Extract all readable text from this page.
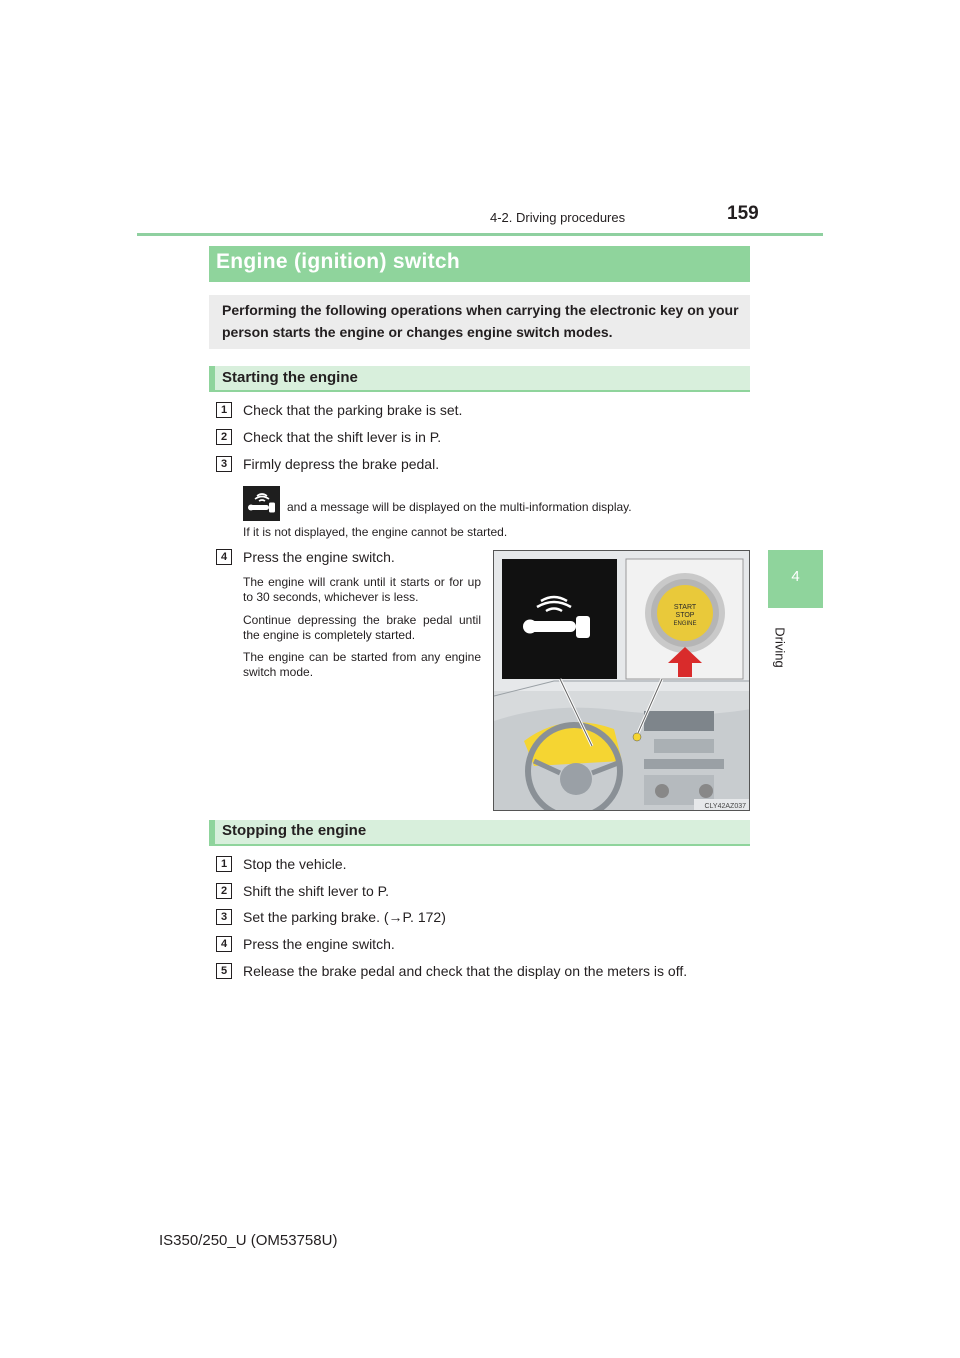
4-2. Driving procedures	159
4
Driving
Engine (ignition) switch
Performing the following operations when carrying the electronic key on your person starts the engine or changes engine switch modes.
Starting the engine
1	Check that the parking brake is set.
2	Check that the shift lever is in P.
3	Firmly depress the brake pedal.
and a message will be displayed on the multi-information display.
If it is not displayed, the engine cannot be started.
4	Press the engine switch.
The engine will crank until it starts or for up to 30 seconds, whichever is less.
Continue depressing the brake pedal until the engine is completely started.
The engine can be started from any engine switch mode.
START
STOP
ENGINE
CLY42AZ037
Stopping the engine
1	Stop the vehicle.
2	Shift the shift lever to P.
3	Set the parking brake. (→P. 172)
4	Press the engine switch.
5	Release the brake pedal and check that the display on the meters is off.
IS350/250_U (OM53758U)
